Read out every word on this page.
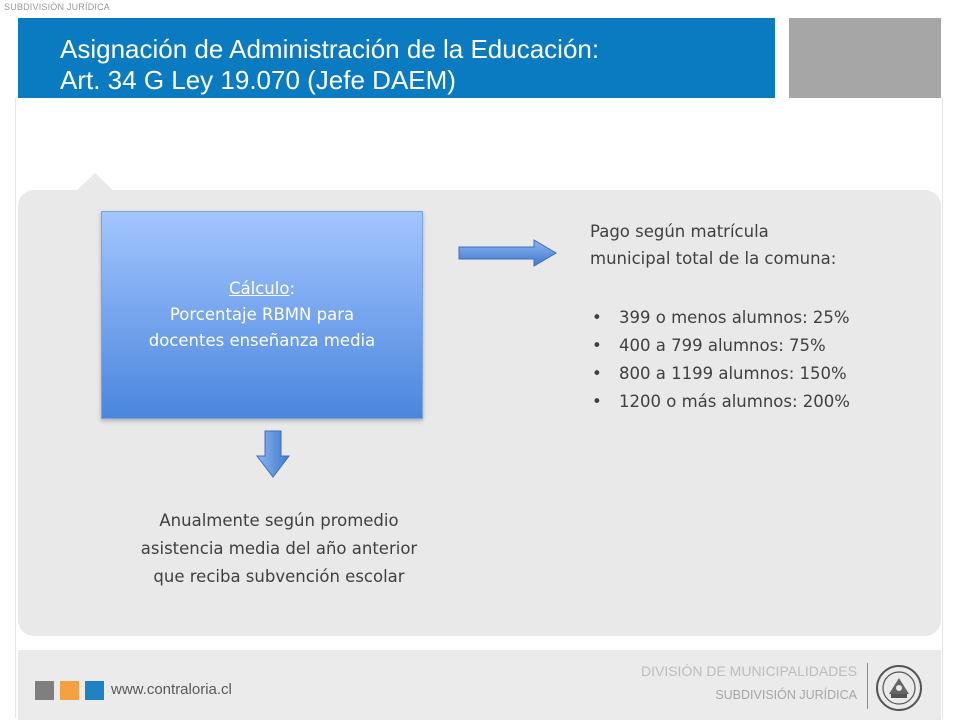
SUBDIVISIÓN JURÍDICA
Asignación de Administración de la Educación:
Art. 34 G Ley 19.070 (Jefe DAEM)
Cálculo:
Porcentaje RBMN para
docentes enseñanza media
Pago según matrícula
municipal total de la comuna:
• 399 o menos alumnos: 25%
• 400 a 799 alumnos: 75%
• 800 a 1199 alumnos: 150%
• 1200 o más alumnos: 200%
Anualmente según promedio
asistencia media del año anterior
que reciba subvención escolar
www.contraloria.cl
DIVISIÓN DE MUNICIPALIDADES
SUBDIVISIÓN JURÍDICA
